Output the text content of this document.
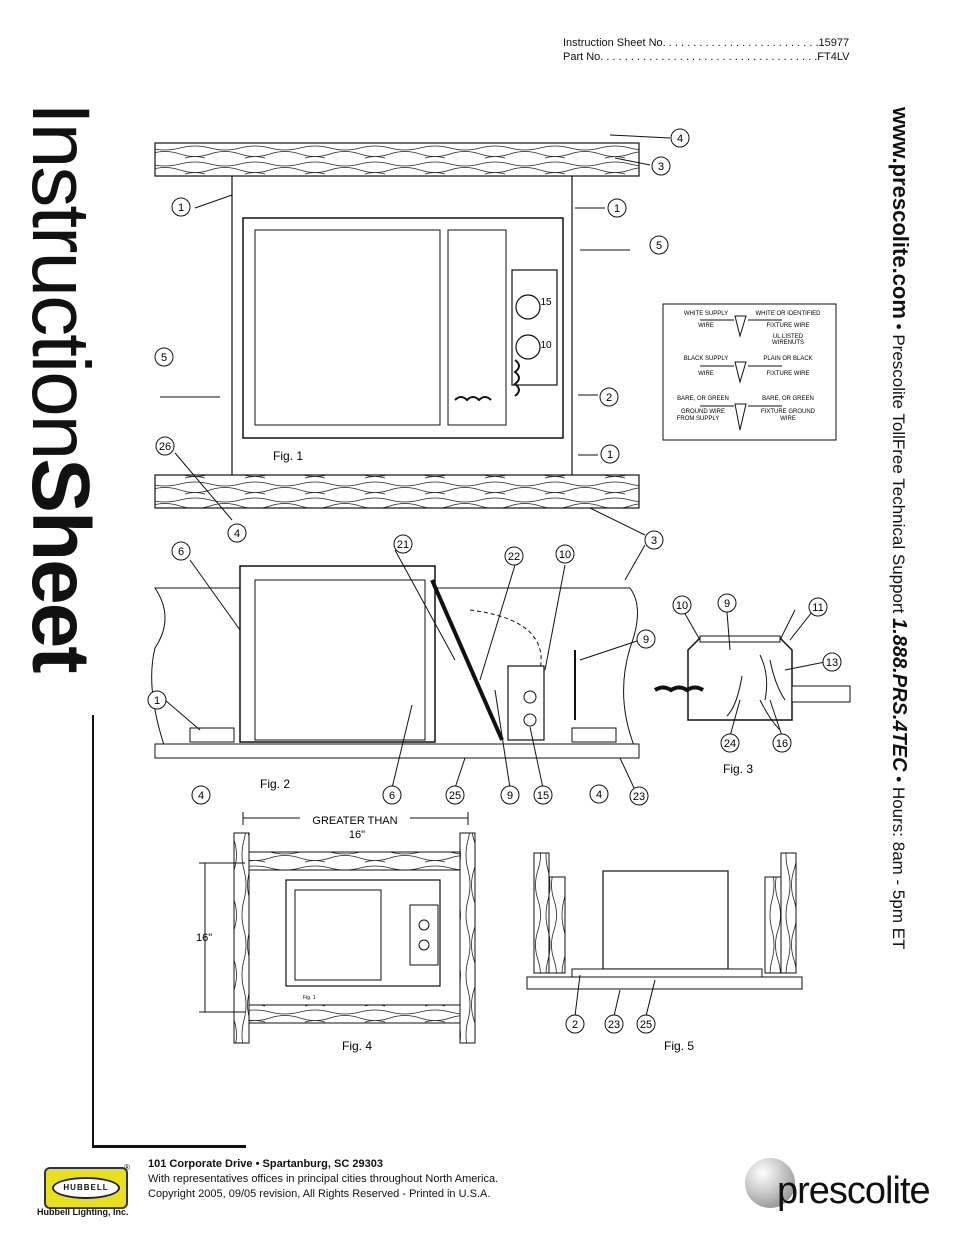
Instruction Sheet No. . . . . . . . . . . . . . . . . . . . . . . . . .15977
Part No. . . . . . . . . . . . . . . . . . . . . . . . . . . . . . . . . . . .FT4LV
InstructionSheet
www.prescolite.com • Prescolite TollFree Technical Support 1.888.PRS.4TEC • Hours: 8am - 5pm ET
Fig. 1
4
3
1	1
5
5
2
1
26
4
15
10
WHITE SUPPLY
WIRE
WHITE OR IDENTIFIED
FIXTURE WIRE
UL LISTED
WIRENUTS
BLACK SUPPLY
WIRE
PLAIN OR BLACK
FIXTURE WIRE
BARE, OR GREEN
GROUND WIRE
FROM SUPPLY
BARE, OR GREEN
FIXTURE GROUND
WIRE
Fig. 2
6
21
22	10
3
9
1
4	6	25	9 15	4	23
Fig. 3
10	9	11
13
24	16
GREATER THAN
16"
16"
Fig. 1
Fig. 4	Fig. 5
2	23 25
HUBBELL
®
Hubbell Lighting, Inc.
101 Corporate Drive • Spartanburg, SC 29303
With representatives offices in principal cities throughout North America.
Copyright 2005, 09/05 revision, All Rights Reserved - Printed in U.S.A.	prescolite
